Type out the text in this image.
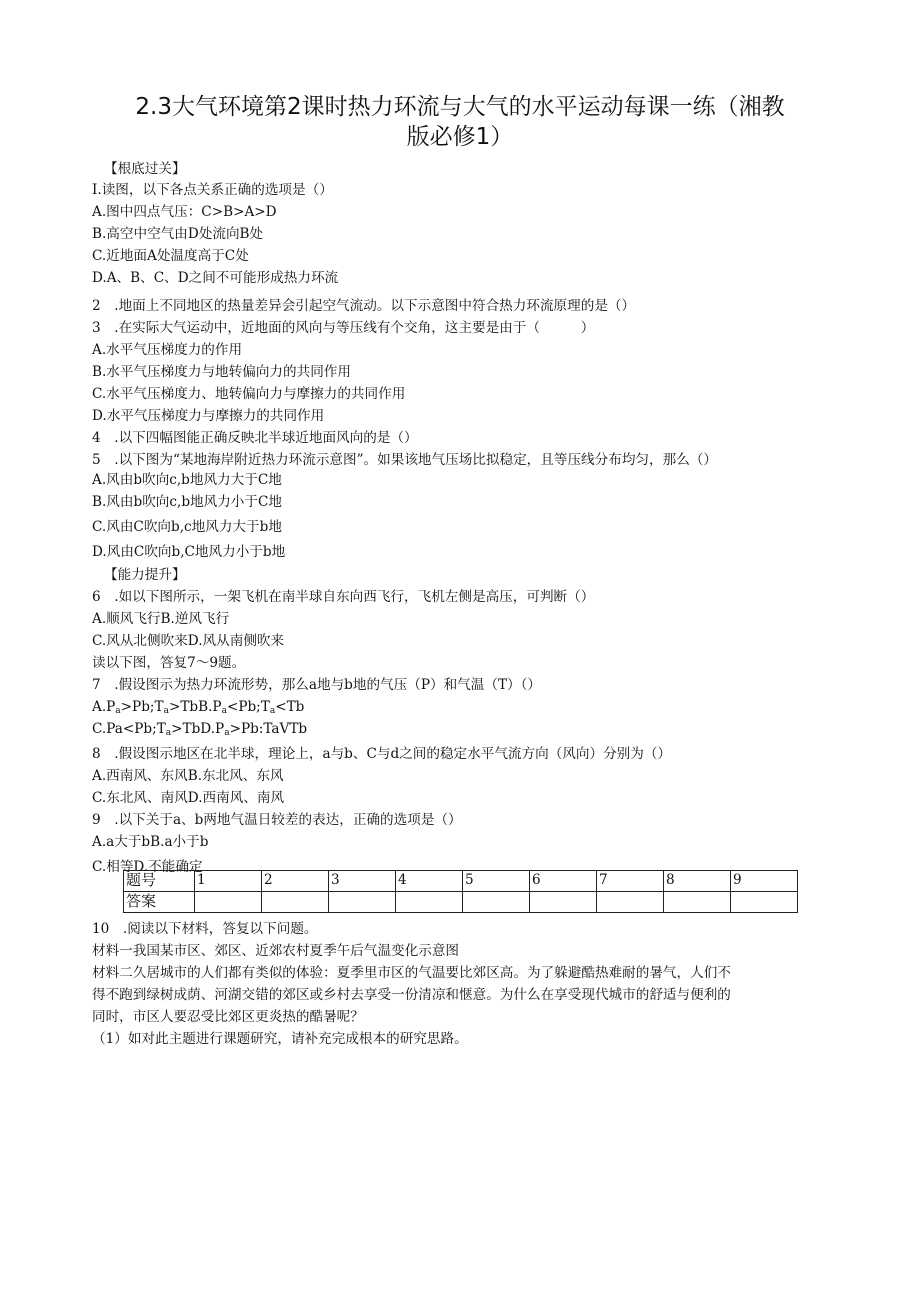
2.3大气环境第2课时热力环流与大气的水平运动每课一练（湘教
版必修1）
【根底过关】
I.读图，以下各点关系正确的选项是（）
A.图中四点气压：C>B>A>D
B.高空中空气由D处流向B处
C.近地面A处温度高于C处
D.A、B、C、D之间不可能形成热力环流
2　.地面上不同地区的热量差异会引起空气流动。以下示意图中符合热力环流原理的是（）
3　.在实际大气运动中，近地面的风向与等压线有个交角，这主要是由于（　　　）
A.水平气压梯度力的作用
B.水平气压梯度力与地转偏向力的共同作用
C.水平气压梯度力、地转偏向力与摩擦力的共同作用
D.水平气压梯度力与摩擦力的共同作用
4　.以下四幅图能正确反映北半球近地面风向的是（）
5　.以下图为“某地海岸附近热力环流示意图”。如果该地气压场比拟稳定，且等压线分布均匀，那么（）
A.风由b吹向c,b地风力大于C地
B.风由b吹向c,b地风力小于C地
C.风由C吹向b,c地风力大于b地
D.风由C吹向b,C地风力小于b地
【能力提升】
6　.如以下图所示，一架飞机在南半球自东向西飞行，飞机左侧是高压，可判断（）
A.顺风飞行B.逆风飞行
C.风从北侧吹来D.风从南侧吹来
读以下图，答复7～9题。
7　.假设图示为热力环流形势，那么a地与b地的气压（P）和气温（T）（）
$A.P_a>Pb;T_a>TbB.P_a<Pb;T_a<Tb$
$C.Pa<Pb;T_a>TbD.P_a>Pb:TaVTb$
8　.假设图示地区在北半球，理论上，a与b、C与d之间的稳定水平气流方向（风向）分别为（）
A.西南风、东风B.东北风、东风
C.东北风、南风D.西南风、南风
9　.以下关于a、b两地气温日较差的表达，正确的选项是（）
A.a大于bB.a小于b
C.相等D.不能确定
题号	1	2	3	4	5	6	7	8	9
答案									
10　.阅读以下材料，答复以下问题。
材料一我国某市区、郊区、近郊农村夏季午后气温变化示意图
材料二久居城市的人们都有类似的体验：夏季里市区的气温要比郊区高。为了躲避酷热难耐的暑气，人们不
得不跑到绿树成荫、河湖交错的郊区或乡村去享受一份清凉和惬意。为什么在享受现代城市的舒适与便利的
同时，市区人要忍受比郊区更炎热的酷暑呢？
（1）如对此主题进行课题研究，请补充完成根本的研究思路。
